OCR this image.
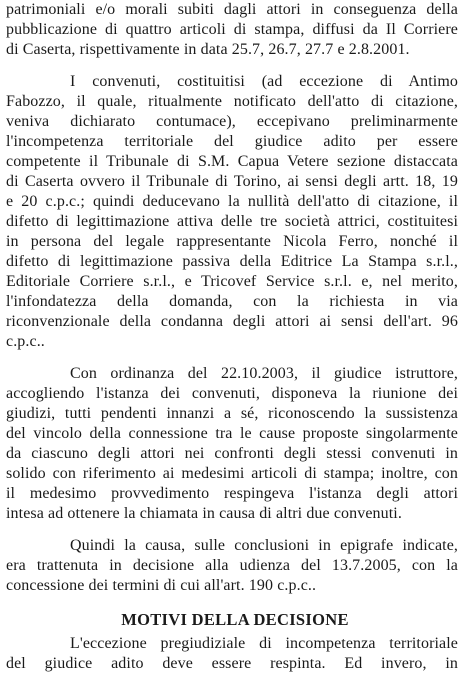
patrimoniali e/o morali subiti dagli attori in conseguenza della
pubblicazione di quattro articoli di stampa, diffusi da Il Corriere
di Caserta, rispettivamente in data 25.7, 26.7, 27.7 e 2.8.2001.
I convenuti, costituitisi (ad eccezione di Antimo
Fabozzo, il quale, ritualmente notificato dell'atto di citazione,
veniva dichiarato contumace), eccepivano preliminarmente
l'incompetenza territoriale del giudice adito per essere
competente il Tribunale di S.M. Capua Vetere sezione distaccata
di Caserta ovvero il Tribunale di Torino, ai sensi degli artt. 18, 19
e 20 c.p.c.; quindi deducevano la nullità dell'atto di citazione, il
difetto di legittimazione attiva delle tre società attrici, costituitesi
in persona del legale rappresentante Nicola Ferro, nonché il
difetto di legittimazione passiva della Editrice La Stampa s.r.l.,
Editoriale Corriere s.r.l., e Tricovef Service s.r.l. e, nel merito,
l'infondatezza della domanda, con la richiesta in via
riconvenzionale della condanna degli attori ai sensi dell'art. 96
c.p.c..
Con ordinanza del 22.10.2003, il giudice istruttore,
accogliendo l'istanza dei convenuti, disponeva la riunione dei
giudizi, tutti pendenti innanzi a sé, riconoscendo la sussistenza
del vincolo della connessione tra le cause proposte singolarmente
da ciascuno degli attori nei confronti degli stessi convenuti in
solido con riferimento ai medesimi articoli di stampa; inoltre, con
il medesimo provvedimento respingeva l'istanza degli attori
intesa ad ottenere la chiamata in causa di altri due convenuti.
Quindi la causa, sulle conclusioni in epigrafe indicate,
era trattenuta in decisione alla udienza del 13.7.2005, con la
concessione dei termini di cui all'art. 190 c.p.c..
MOTIVI DELLA DECISIONE
L'eccezione pregiudiziale di incompetenza territoriale
del giudice adito deve essere respinta. Ed invero, in
